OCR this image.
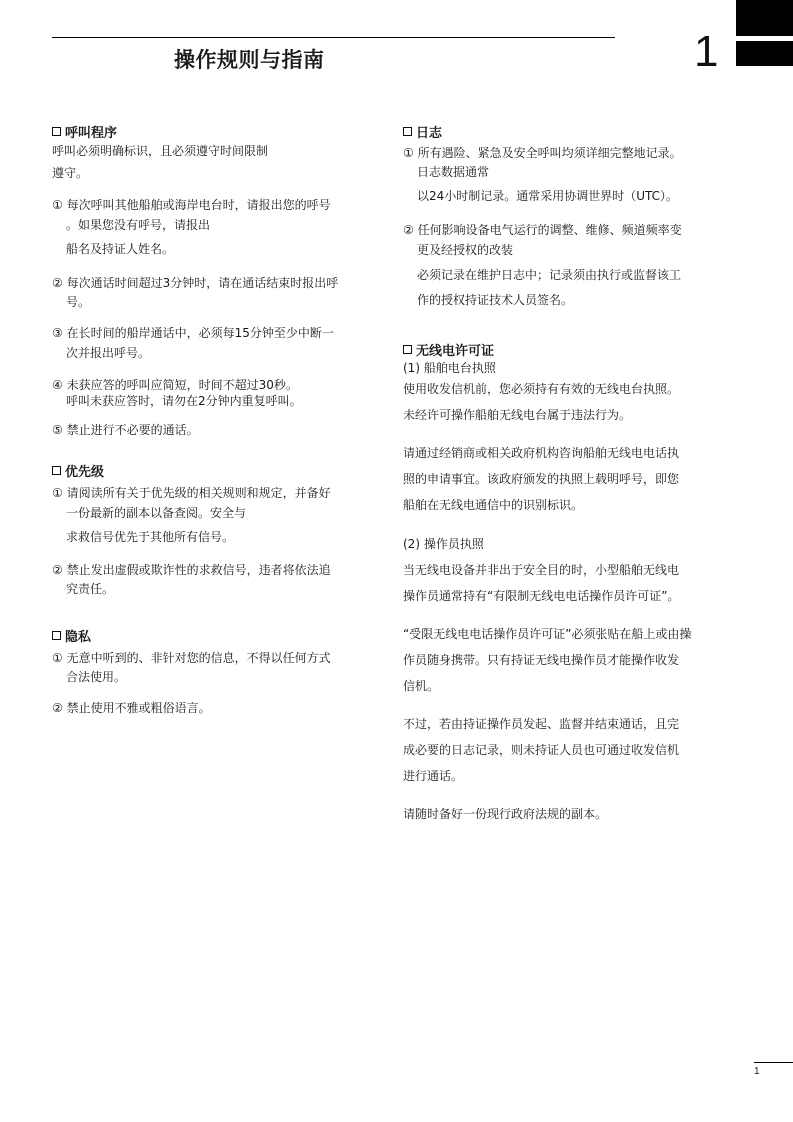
操作规则与指南	1
呼叫程序

呼叫必须明确标识，且必须遵守时间限制

遵守。

① 每次呼叫其他船舶或海岸电台时，请报出您的呼号

。如果您没有呼号，请报出

船名及持证人姓名。

② 每次通话时间超过3分钟时，请在通话结束时报出呼

号。

③ 在长时间的船岸通话中，必须每15分钟至少中断一

次并报出呼号。

④ 未获应答的呼叫应简短，时间不超过30秒。

呼叫未获应答时，请勿在2分钟内重复呼叫。

⑤ 禁止进行不必要的通话。

优先级

① 请阅读所有关于优先级的相关规则和规定，并备好

一份最新的副本以备查阅。安全与

求救信号优先于其他所有信号。

② 禁止发出虚假或欺诈性的求救信号，违者将依法追

究责任。

隐私

① 无意中听到的、非针对您的信息，不得以任何方式

合法使用。

② 禁止使用不雅或粗俗语言。

日志

① 所有遇险、紧急及安全呼叫均须详细完整地记录。

日志数据通常

以24小时制记录。通常采用协调世界时（UTC）。

② 任何影响设备电气运行的调整、维修、频道频率变

更及经授权的改装

必须记录在维护日志中；记录须由执行或监督该工

作的授权持证技术人员签名。

无线电许可证

(1) 船舶电台执照

使用收发信机前，您必须持有有效的无线电台执照。

未经许可操作船舶无线电台属于违法行为。

请通过经销商或相关政府机构咨询船舶无线电电话执

照的申请事宜。该政府颁发的执照上载明呼号，即您

船舶在无线电通信中的识别标识。

(2) 操作员执照

当无线电设备并非出于安全目的时，小型船舶无线电

操作员通常持有“有限制无线电电话操作员许可证”。

“受限无线电电话操作员许可证”必须张贴在船上或由操

作员随身携带。只有持证无线电操作员才能操作收发

信机。

不过，若由持证操作员发起、监督并结束通话，且完

成必要的日志记录，则未持证人员也可通过收发信机

进行通话。

请随时备好一份现行政府法规的副本。

1
